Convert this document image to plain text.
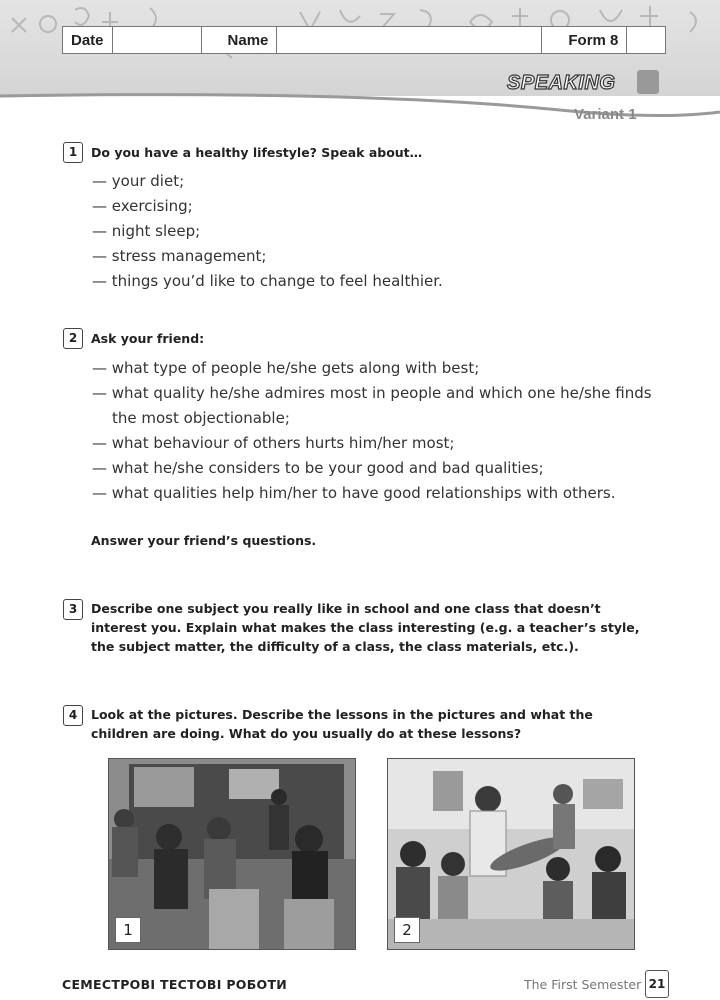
Date	Name	Form 8
SPEAKING
Variant 1
1	Do you have a healthy lifestyle? Speak about…
— your diet;
— exercising;
— night sleep;
— stress management;
— things you’d like to change to feel healthier.
2	Ask your friend:
— what type of people he/she gets along with best;
— what quality he/she admires most in people and which one he/she finds the most objectionable;
— what behaviour of others hurts him/her most;
— what he/she considers to be your good and bad qualities;
— what qualities help him/her to have good relationships with others.
Answer your friend’s questions.
3	Describe one subject you really like in school and one class that doesn’t interest you. Explain what makes the class interesting (e.g. a teacher’s style, the subject matter, the difficulty of a class, the class materials, etc.).
4	Look at the pictures. Describe the lessons in the pictures and what the children are doing. What do you usually do at these lessons?
1	2
СЕМЕСТРОВІ ТЕСТОВІ РОБОТИ	The First Semester 21
